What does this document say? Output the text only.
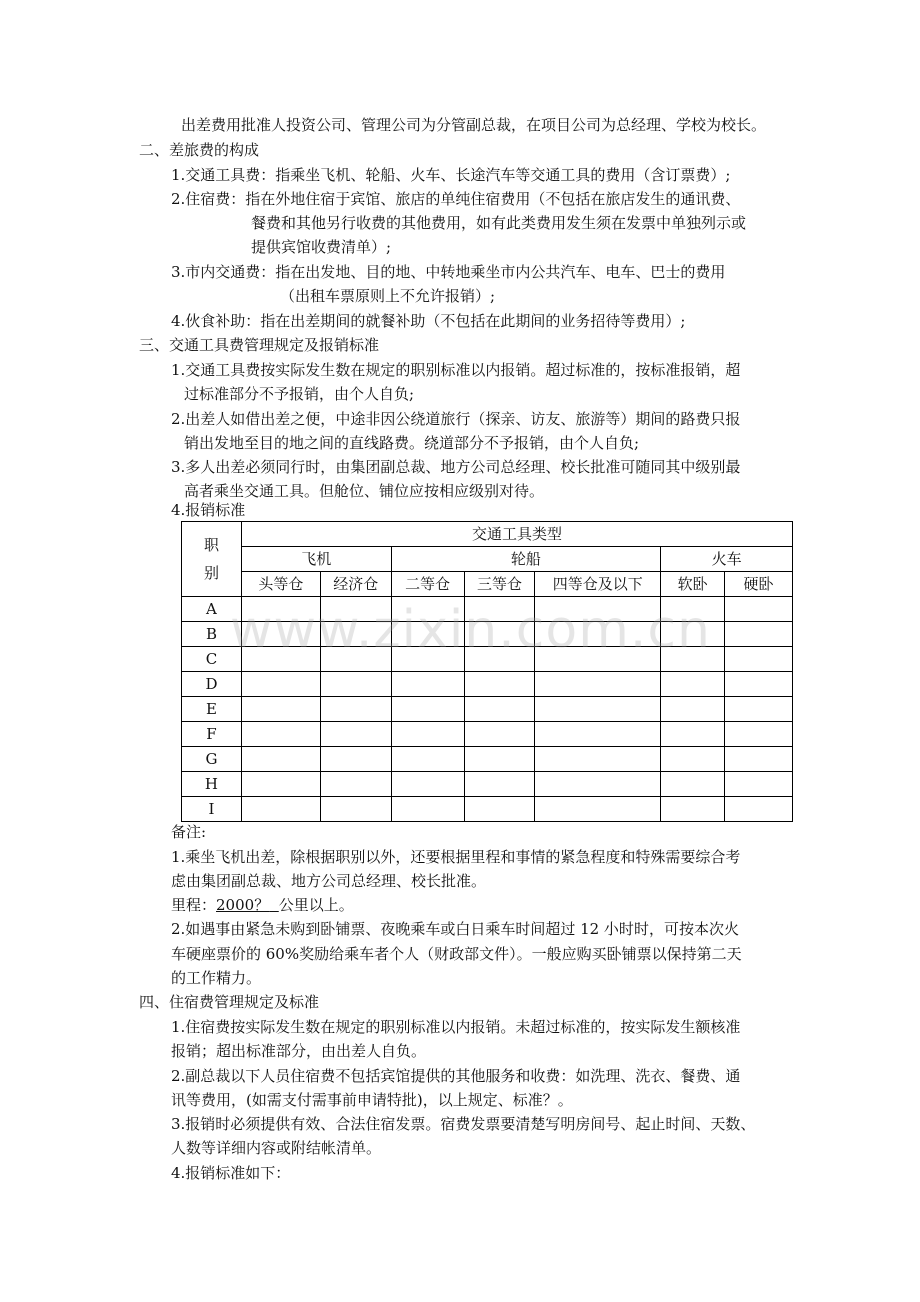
出差费用批准人投资公司、管理公司为分管副总裁，在项目公司为总经理、学校为校长。
二、差旅费的构成
1.交通工具费：指乘坐飞机、轮船、火车、长途汽车等交通工具的费用（含订票费）;
2.住宿费：指在外地住宿于宾馆、旅店的单纯住宿费用（不包括在旅店发生的通讯费、
餐费和其他另行收费的其他费用，如有此类费用发生须在发票中单独列示或
提供宾馆收费清单）;
3.市内交通费：指在出发地、目的地、中转地乘坐市内公共汽车、电车、巴士的费用
（出租车票原则上不允许报销）;
4.伙食补助：指在出差期间的就餐补助（不包括在此期间的业务招待等费用）;
三、交通工具费管理规定及报销标准
1.交通工具费按实际发生数在规定的职别标准以内报销。超过标准的，按标准报销，超
过标准部分不予报销，由个人自负;
2.出差人如借出差之便，中途非因公绕道旅行（探亲、访友、旅游等）期间的路费只报
销出发地至目的地之间的直线路费。绕道部分不予报销，由个人自负;
3.多人出差必须同行时，由集团副总裁、地方公司总经理、校长批准可随同其中级别最
高者乘坐交通工具。但舱位、铺位应按相应级别对待。
4.报销标准
职
别	交通工具类型						
	飞机		轮船			火车	
	头等仓	经济仓	二等仓	三等仓	四等仓及以下	软卧	硬卧
A							
B							
C							
D							
E							
F							
G							
H							
I							
www.zixin.com.cn
备注:
1.乘坐飞机出差，除根据职别以外，还要根据里程和事情的紧急程度和特殊需要综合考
虑由集团副总裁、地方公司总经理、校长批准。
里程：2000？ 公里以上。
2.如遇事由紧急未购到卧铺票、夜晚乘车或白日乘车时间超过 12 小时时，可按本次火
车硬座票价的 60%奖励给乘车者个人（财政部文件）。一般应购买卧铺票以保持第二天
的工作精力。
四、住宿费管理规定及标准
1.住宿费按实际发生数在规定的职别标准以内报销。未超过标准的，按实际发生额核准
报销；超出标准部分，由出差人自负。
2.副总裁以下人员住宿费不包括宾馆提供的其他服务和收费：如洗理、洗衣、餐费、通
讯等费用，(如需支付需事前申请特批)，以上规定、标准？。
3.报销时必须提供有效、合法住宿发票。宿费发票要清楚写明房间号、起止时间、天数、
人数等详细内容或附结帐清单。
4.报销标准如下：
